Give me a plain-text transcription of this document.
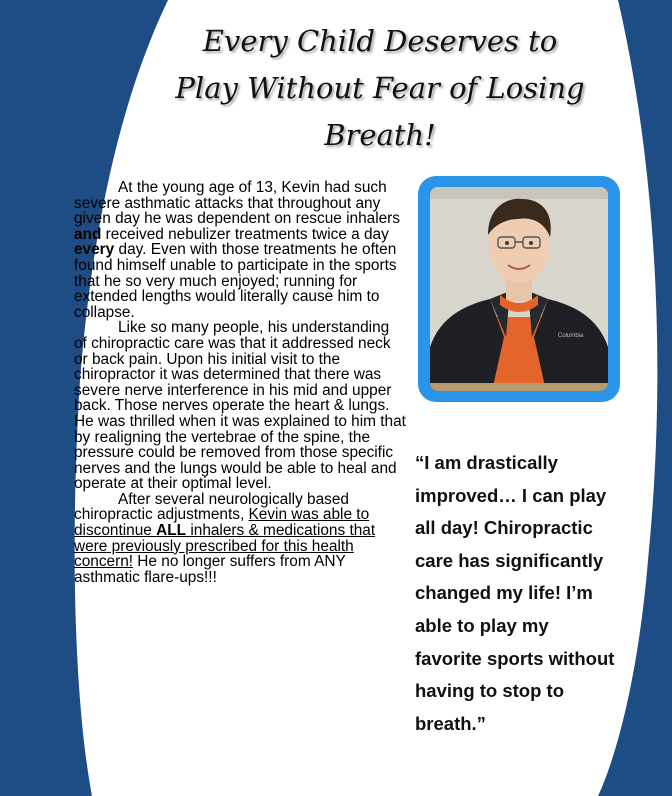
Every Child Deserves to
Play Without Fear of Losing
Breath!

At the young age of 13, Kevin had such severe asthmatic attacks that throughout any given day he was dependent on rescue inhalers and received nebulizer treatments twice a day every day. Even with those treatments he often found himself unable to participate in the sports that he so very much enjoyed; running for extended lengths would literally cause him to collapse.

Like so many people, his understanding of chiropractic care was that it addressed neck or back pain. Upon his initial visit to the chiropractor it was determined that there was severe nerve interference in his mid and upper back. Those nerves operate the heart & lungs. He was thrilled when it was explained to him that by realigning the vertebrae of the spine, the pressure could be removed from those specific nerves and the lungs would be able to heal and operate at their optimal level.

After several neurologically based chiropractic adjustments, Kevin was able to discontinue ALL inhalers & medications that were previously prescribed for this health concern! He no longer suffers from ANY asthmatic flare-ups!!!

Columbia
“I am drastically improved… I can play all day! Chiropractic care has significantly changed my life! I’m able to play my favorite sports without having to stop to breath.”
